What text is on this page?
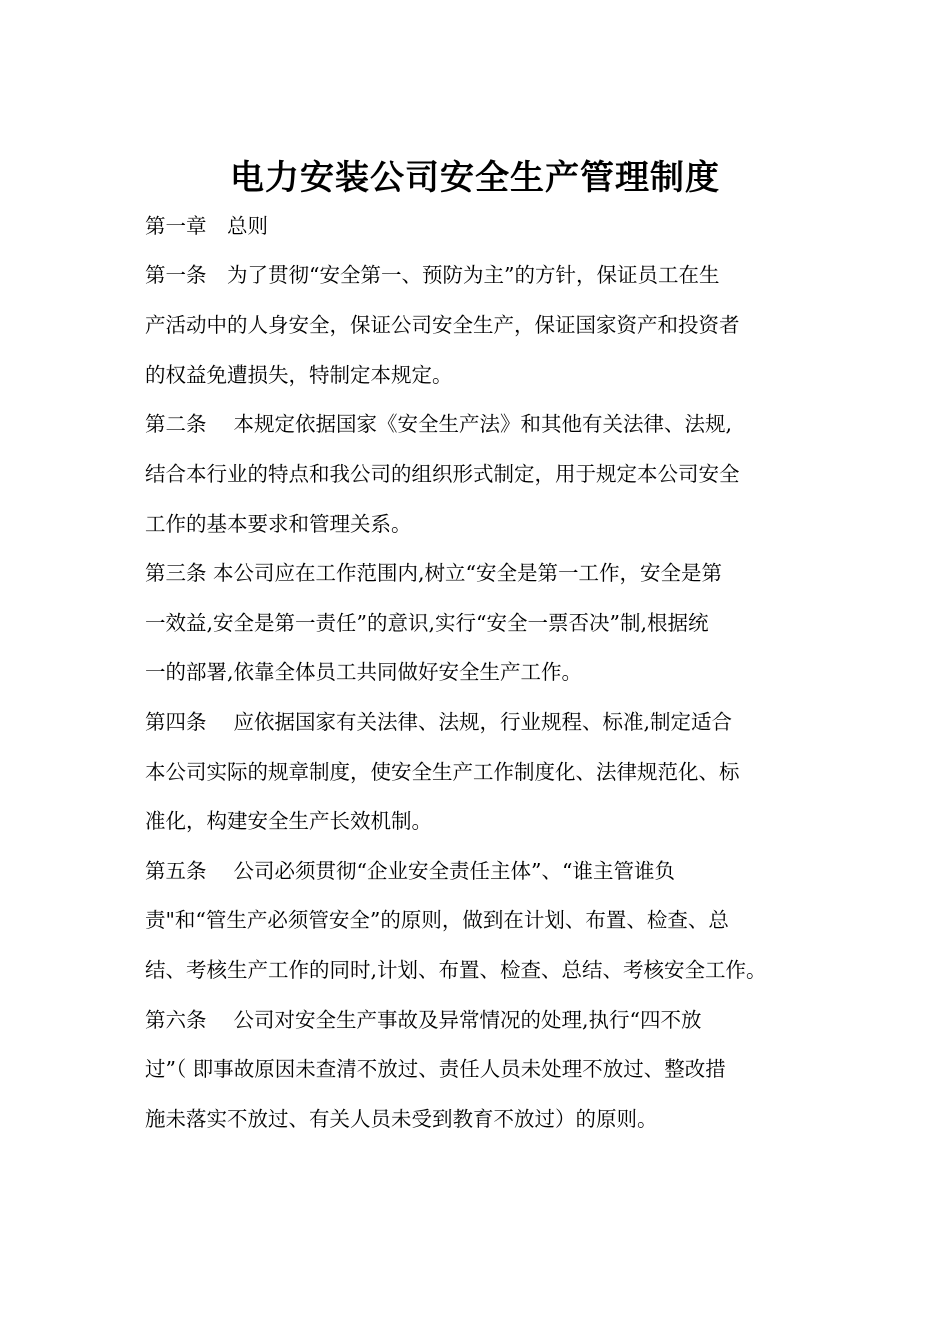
电力安装公司安全生产管理制度

第一章　总则

第一条　为了贯彻“安全第一、预防为主”的方针，保证员工在生

产活动中的人身安全，保证公司安全生产，保证国家资产和投资者

的权益免遭损失，特制定本规定。

第二条　 本规定依据国家《安全生产法》和其他有关法律、法规,

结合本行业的特点和我公司的组织形式制定，用于规定本公司安全

工作的基本要求和管理关系。

第三条 本公司应在工作范围内,树立“安全是第一工作，安全是第

一效益,安全是第一责任”的意识,实行“安全一票否决”制,根据统

一的部署,依靠全体员工共同做好安全生产工作。

第四条　 应依据国家有关法律、法规，行业规程、标准,制定适合

本公司实际的规章制度，使安全生产工作制度化、法律规范化、标

准化，构建安全生产长效机制。

第五条　 公司必须贯彻“企业安全责任主体”、“谁主管谁负

责"和“管生产必须管安全”的原则，做到在计划、布置、检查、总

结、考核生产工作的同时,计划、布置、检查、总结、考核安全工作。

第六条　 公司对安全生产事故及异常情况的处理,执行“四不放

过”（ 即事故原因未查清不放过、责任人员未处理不放过、整改措

施未落实不放过、有关人员未受到教育不放过）的原则。
